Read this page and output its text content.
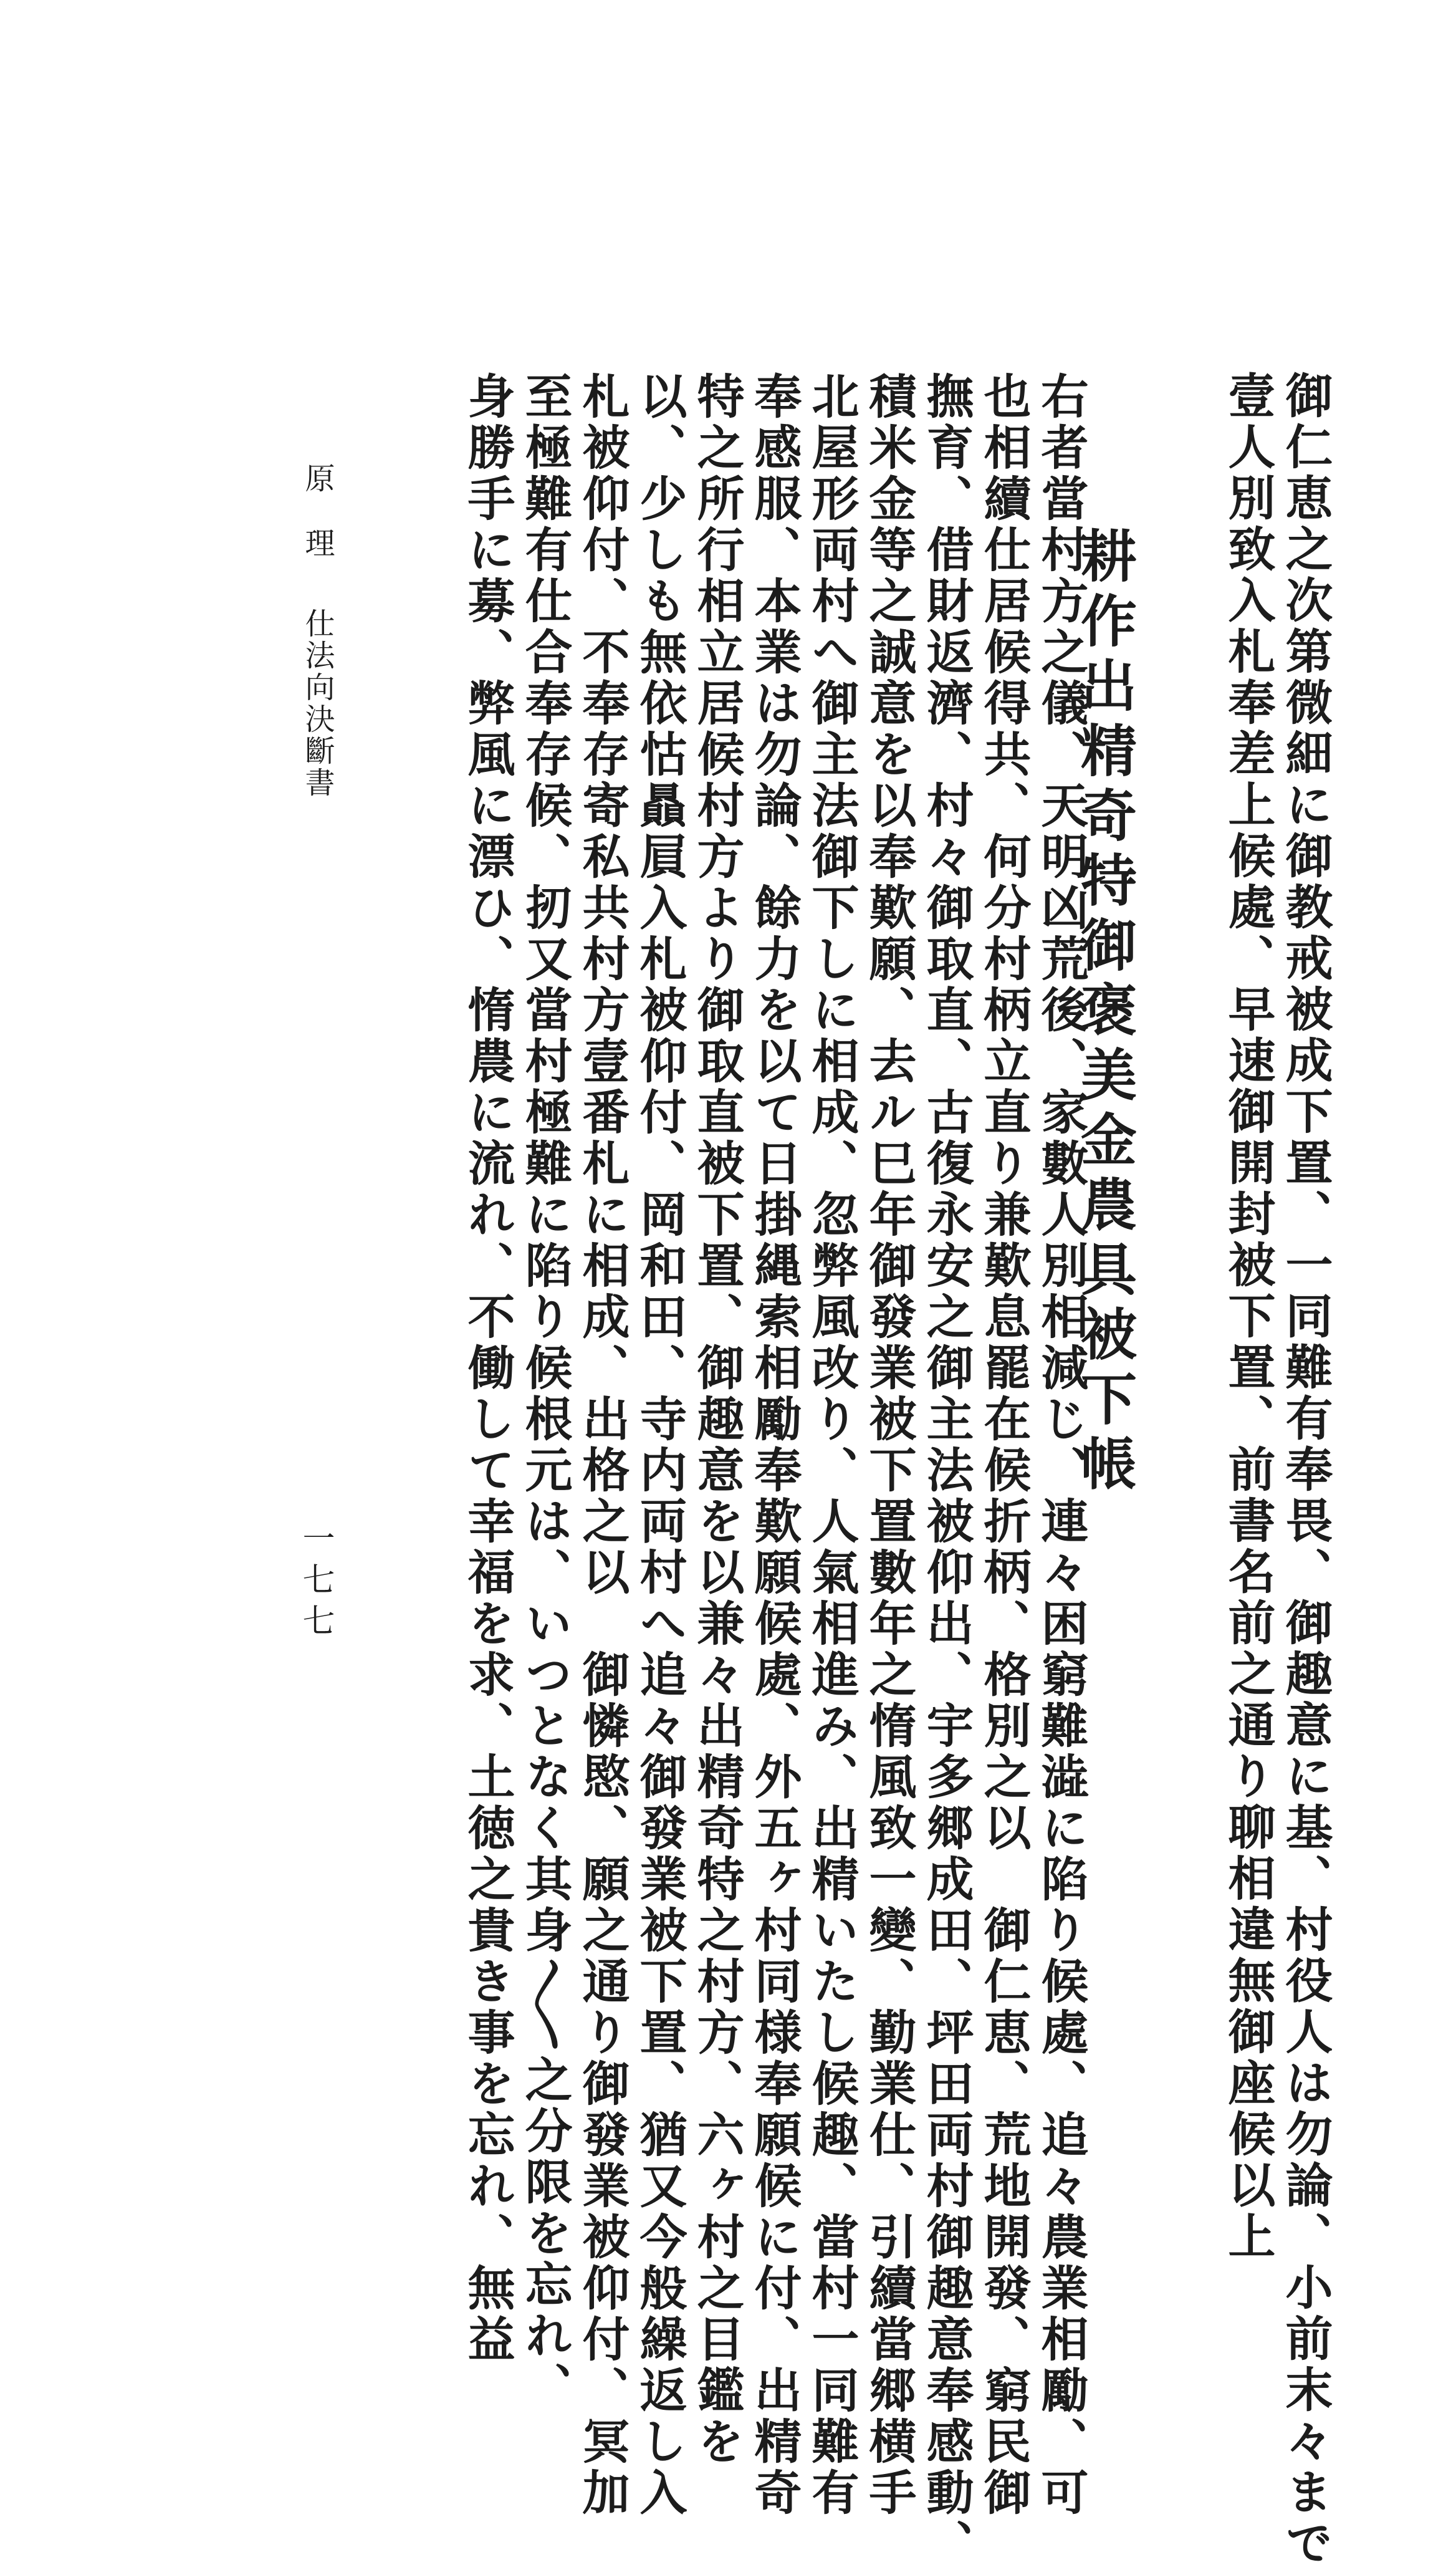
御仁恵之次第微細に御教戒被成下置、一同難有奉畏、御趣意に基、村役人は勿論、小前末々まで
壹人別致入札奉差上候處、早速御開封被下置、前書名前之通り聊相違無御座候以上
耕作出精奇特御褒美金農具被下帳
右者當村方之儀、天明凶荒後、家數人別相減じ、連々困窮難澁に陷り候處、追々農業相勵、可
也相續仕居候得共、何分村柄立直り兼歎息罷在候折柄、格別之以　御仁恵、荒地開發、窮民御
撫育、借財返濟、村々御取直、古復永安之御主法被仰出、宇多郷成田、坪田両村御趣意奉感動、
積米金等之誠意を以奉歎願、去ル巳年御發業被下置數年之惰風致一變、勤業仕、引續當郷横手
北屋形両村へ御主法御下しに相成、忽弊風改り、人氣相進み、出精いたし候趣、當村一同難有
奉感服、本業は勿論、餘力を以て日掛縄索相勵奉歎願候處、外五ヶ村同様奉願候に付、出精奇
特之所行相立居候村方より御取直被下置、御趣意を以兼々出精奇特之村方、六ヶ村之目鑑を
以、少しも無依怙贔屓入札被仰付、岡和田、寺内両村へ追々御發業被下置、猶又今般繰返し入
札被仰付、不奉存寄私共村方壹番札に相成、出格之以　御憐愍、願之通り御發業被仰付、冥加
至極難有仕合奉存候、扨又當村極難に陷り候根元は、いつとなく其身〳〵之分限を忘れ、
身勝手に募、弊風に漂ひ、惰農に流れ、不働して幸福を求、土徳之貴き事を忘れ、無益
原　理
仕法向決斷書
一七七
